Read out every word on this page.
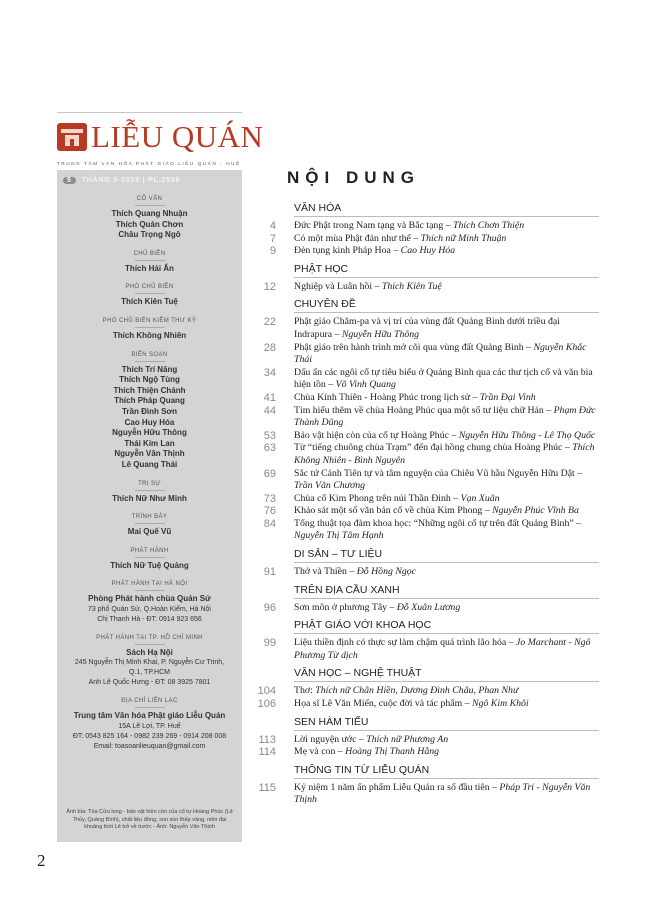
LIỄU QUÁN
TRUNG TÂM VĂN HÓA PHẬT GIÁO LIỄU QUÁN - HUẾ
5	THÁNG 5-2015 | PL.2559
CỐ VẤN
Thích Quang Nhuận
Thích Quán Chơn
Châu Trọng Ngô
CHỦ BIÊN
Thích Hải Ấn
PHÓ CHỦ BIÊN
Thích Kiên Tuệ
PHÓ CHỦ BIÊN KIÊM THƯ KÝ
Thích Không Nhiên
BIÊN SOẠN
Thích Trí Năng
Thích Ngộ Tùng
Thích Thiện Chánh
Thích Pháp Quang
Trần Đình Sơn
Cao Huy Hóa
Nguyễn Hữu Thông
Thái Kim Lan
Nguyễn Văn Thịnh
Lê Quang Thái
TRỊ SỰ
Thích Nữ Như Minh
TRÌNH BÀY
Mai Quế Vũ
PHÁT HÀNH
Thích Nữ Tuệ Quảng
PHÁT HÀNH TẠI HÀ NỘI
Phòng Phát hành chùa Quán Sứ
73 phố Quán Sứ, Q.Hoàn Kiếm, Hà Nội
Chị Thanh Hà - ĐT: 0914 923 656
PHÁT HÀNH TẠI TP. HỒ CHÍ MINH
Sách Hạ Nội
245 Nguyễn Thị Minh Khai, P. Nguyễn Cư Trinh,
Q.1, TP.HCM
Anh Lê Quốc Hưng - ĐT: 08 3925 7801
ĐỊA CHỈ LIÊN LẠC
Trung tâm Văn hóa Phật giáo Liễu Quán
15A Lê Lợi, TP. Huế
ĐT: 0543 825 164 - 0982 239 269 - 0914 208 008
Email: toasoanlieuquan@gmail.com
Ảnh bìa: Tòa Cửu long - bảo vật hiện còn của cổ tự Hoàng Phúc (Lệ Thủy, Quảng Bình), chất liệu đồng, son son thếp vàng, niên đại khoảng thời Lê trở về trước - Ảnh: Nguyễn Văn Thịnh
NỘI DUNG
VĂN HÓA
4 Đức Phật trong Nam tạng và Bắc tạng – Thích Chơn Thiện
7 Có một mùa Phật đản như thế – Thích nữ Minh Thuận
9 Đèn tụng kinh Pháp Hoa – Cao Huy Hóa
PHẬT HỌC
12 Nghiệp và Luân hồi – Thích Kiên Tuệ
CHUYÊN ĐỀ
22 Phật giáo Chăm-pa và vị trí của vùng đất Quảng Bình dưới triều đại Indrapura – Nguyễn Hữu Thông
28 Phật giáo trên hành trình mở cõi qua vùng đất Quảng Bình – Nguyễn Khắc Thái
34 Dấu ấn các ngôi cổ tự tiêu biểu ở Quảng Bình qua các thư tịch cổ và văn bia hiện tồn – Võ Vinh Quang
41 Chùa Kính Thiên - Hoàng Phúc trong lịch sử – Trần Đại Vinh
44 Tìm hiểu thêm về chùa Hoàng Phúc qua một số tư liệu chữ Hán – Phạm Đức Thành Dũng
53 Bảo vật hiện còn của cổ tự Hoàng Phúc – Nguyễn Hữu Thông - Lê Thọ Quốc
63 Từ “tiếng chuông chùa Trạm” đến đại hồng chung chùa Hoàng Phúc – Thích Không Nhiên - Bình Nguyên
69 Sắc tứ Cảnh Tiên tự và tâm nguyện của Chiêu Vũ hầu Nguyễn Hữu Dật – Trần Văn Chương
73 Chùa cổ Kim Phong trên núi Thần Đinh – Vạn Xuân
76 Khảo sát một số văn bản cổ về chùa Kim Phong – Nguyễn Phúc Vĩnh Ba
84 Tổng thuật tọa đàm khoa học: “Những ngôi cổ tự trên đất Quảng Bình” – Nguyễn Thị Tâm Hạnh
DI SẢN – TƯ LIỆU
91 Thở và Thiền – Đỗ Hồng Ngọc
TRÊN ĐỊA CẦU XANH
96 Sơn môn ở phương Tây – Đỗ Xuân Lương
PHẬT GIÁO VỚI KHOA HỌC
99 Liệu thiền định có thực sự làm chậm quá trình lão hóa – Jo Marchant - Ngô Phương Từ dịch
VĂN HỌC – NGHỆ THUẬT
104 Thơ: Thích nữ Chân Hiền, Dương Đình Châu, Phan Như
106 Họa sĩ Lê Văn Miến, cuộc đời và tác phẩm – Ngô Kim Khôi
SEN HÀM TIẾU
113 Lời nguyện ước – Thích nữ Phương An
114 Mẹ và con – Hoàng Thị Thanh Hằng
THÔNG TIN TỪ LIỄU QUÁN
115 Kỷ niệm 1 năm ấn phẩm Liễu Quán ra số đầu tiên – Pháp Trí - Nguyễn Văn Thịnh
2
